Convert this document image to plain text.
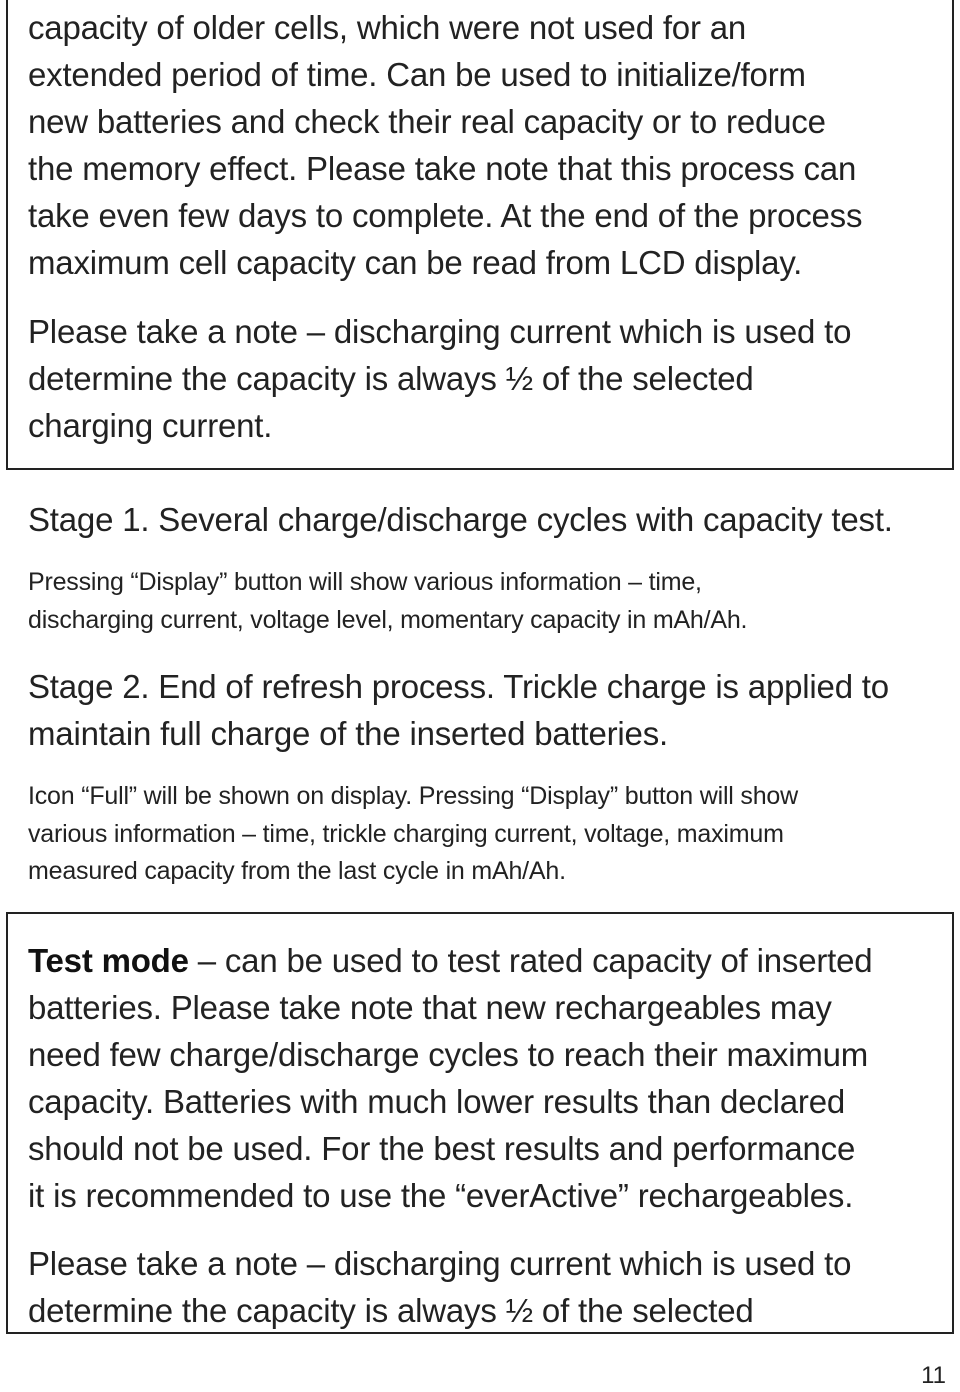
capacity of older cells, which were not used for an
extended period of time. Can be used to initialize/form
new batteries and check their real capacity or to reduce
the memory effect. Please take note that this process can
take even few days to complete. At the end of the process
maximum cell capacity can be read from LCD display.

Please take a note – discharging current which is used to
determine the capacity is always ½ of the selected
charging current.

Stage 1. Several charge/discharge cycles with capacity test.

Pressing “Display” button will show various information – time,
discharging current, voltage level, momentary capacity in mAh/Ah.

Stage 2. End of refresh process. Trickle charge is applied to
maintain full charge of the inserted batteries.

Icon “Full” will be shown on display. Pressing “Display” button will show
various information – time, trickle charging current, voltage, maximum
measured capacity from the last cycle in mAh/Ah.

Test mode – can be used to test rated capacity of inserted
batteries. Please take note that new rechargeables may
need few charge/discharge cycles to reach their maximum
capacity. Batteries with much lower results than declared
should not be used. For the best results and performance
it is recommended to use the “everActive” rechargeables.

Please take a note – discharging current which is used to
determine the capacity is always ½ of the selected

11
